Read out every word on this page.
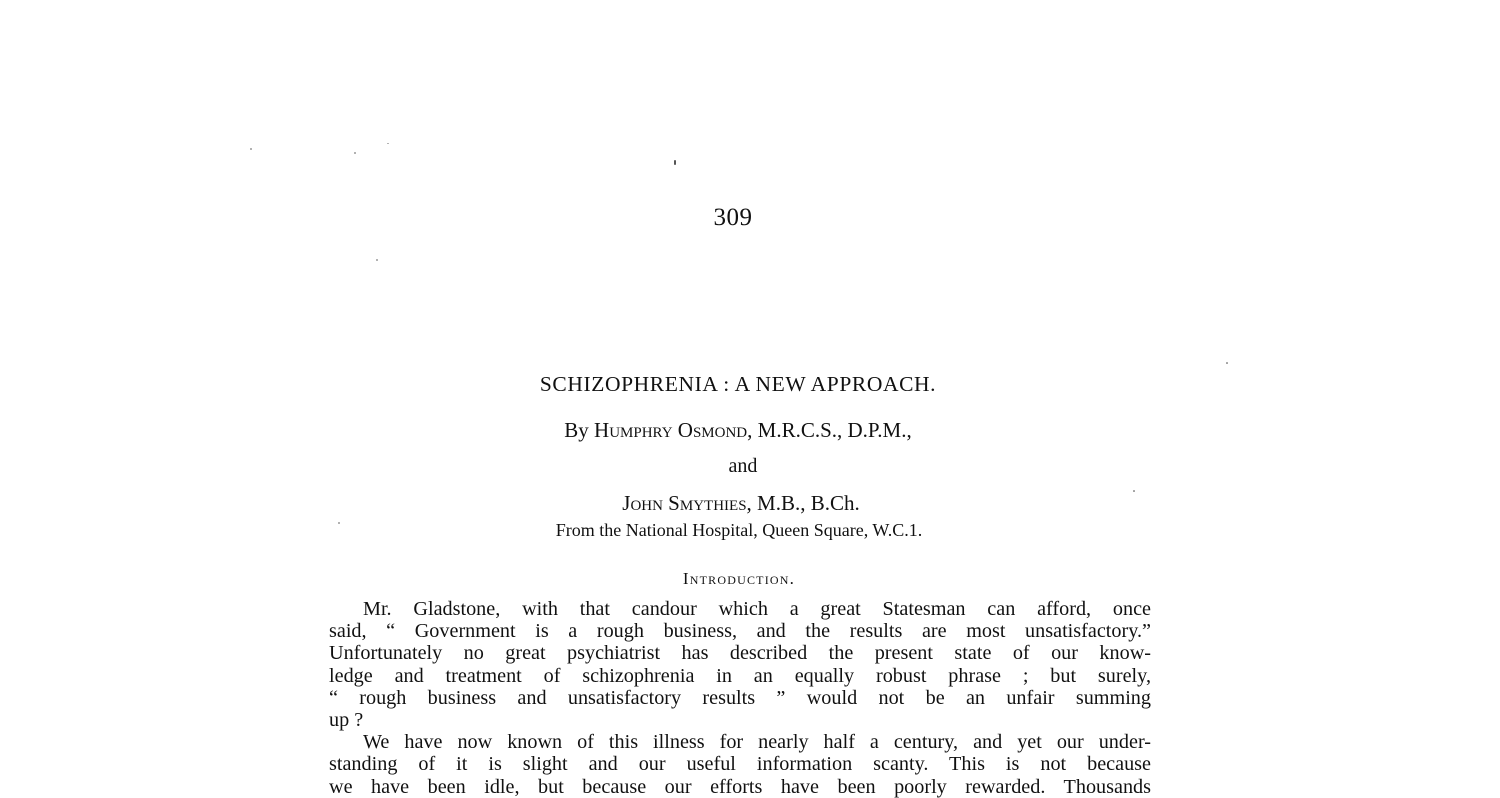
309
SCHIZOPHRENIA : A NEW APPROACH.
By Humphry Osmond, M.R.C.S., D.P.M.,
and
John Smythies, M.B., B.Ch.
From the National Hospital, Queen Square, W.C.1.
Introduction.
Mr. Gladstone, with that candour which a great Statesman can afford, once
said, “ Government is a rough business, and the results are most unsatisfactory.”
Unfortunately no great psychiatrist has described the present state of our know-
ledge and treatment of schizophrenia in an equally robust phrase ; but surely,
“ rough business and unsatisfactory results ” would not be an unfair summing
up ?
We have now known of this illness for nearly half a century, and yet our under-
standing of it is slight and our useful information scanty. This is not because
we have been idle, but because our efforts have been poorly rewarded. Thousands
